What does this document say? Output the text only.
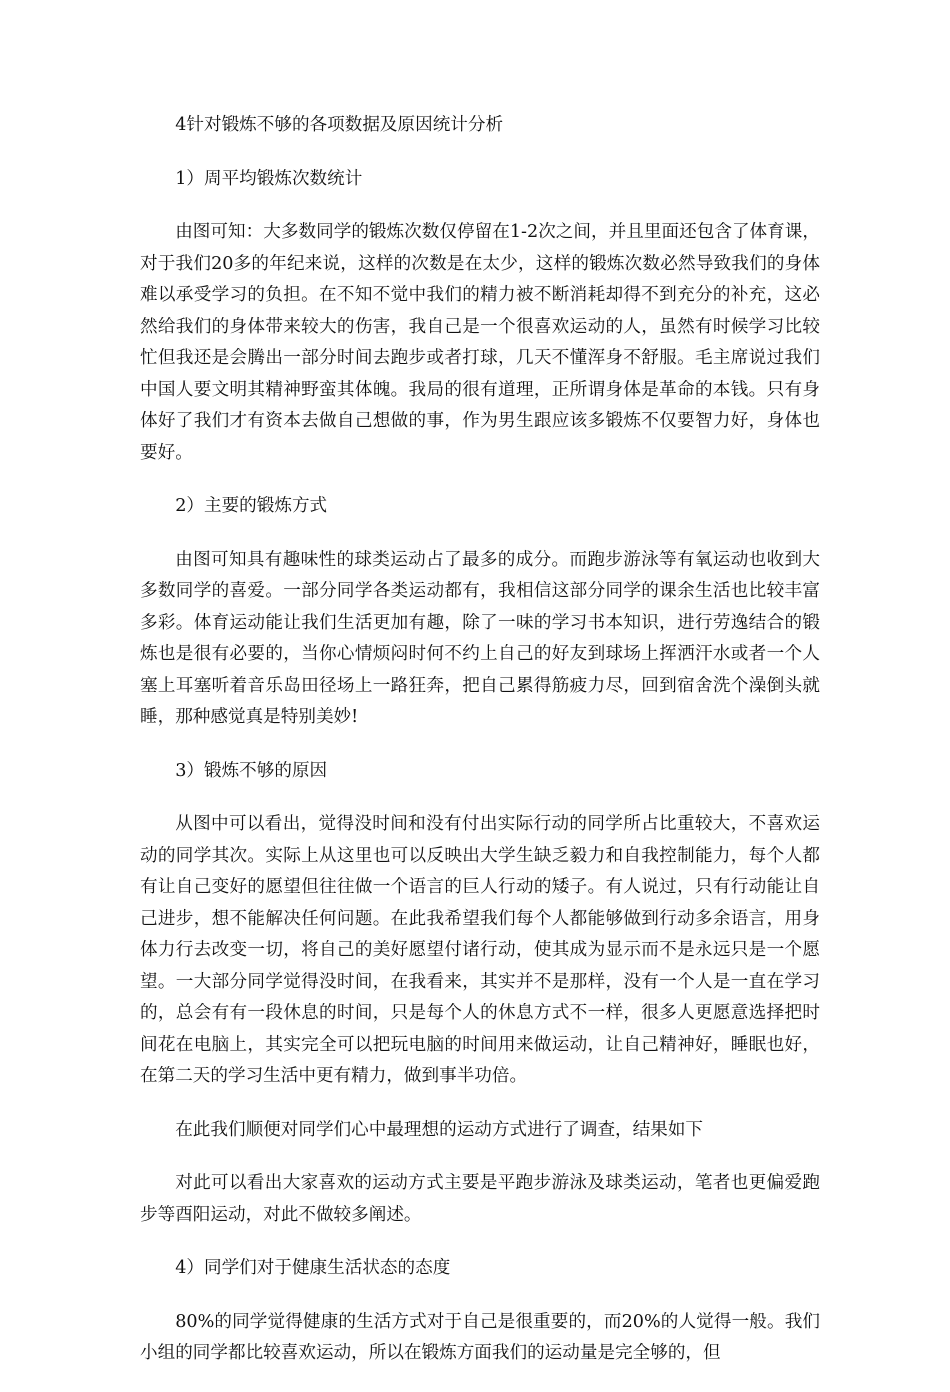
4针对锻炼不够的各项数据及原因统计分析

1）周平均锻炼次数统计

由图可知：大多数同学的锻炼次数仅停留在1-2次之间，并且里面还包含了体育课，对于我们20多的年纪来说，这样的次数是在太少，这样的锻炼次数必然导致我们的身体难以承受学习的负担。在不知不觉中我们的精力被不断消耗却得不到充分的补充，这必然给我们的身体带来较大的伤害，我自己是一个很喜欢运动的人，虽然有时候学习比较忙但我还是会腾出一部分时间去跑步或者打球，几天不懂浑身不舒服。毛主席说过我们中国人要文明其精神野蛮其体魄。我局的很有道理，正所谓身体是革命的本钱。只有身体好了我们才有资本去做自己想做的事，作为男生跟应该多锻炼不仅要智力好，身体也要好。

2）主要的锻炼方式

由图可知具有趣味性的球类运动占了最多的成分。而跑步游泳等有氧运动也收到大多数同学的喜爱。一部分同学各类运动都有，我相信这部分同学的课余生活也比较丰富多彩。体育运动能让我们生活更加有趣，除了一味的学习书本知识，进行劳逸结合的锻炼也是很有必要的，当你心情烦闷时何不约上自己的好友到球场上挥洒汗水或者一个人塞上耳塞听着音乐岛田径场上一路狂奔，把自己累得筋疲力尽，回到宿舍洗个澡倒头就睡，那种感觉真是特别美妙!

3）锻炼不够的原因

从图中可以看出，觉得没时间和没有付出实际行动的同学所占比重较大，不喜欢运动的同学其次。实际上从这里也可以反映出大学生缺乏毅力和自我控制能力，每个人都有让自己变好的愿望但往往做一个语言的巨人行动的矮子。有人说过，只有行动能让自己进步，想不能解决任何问题。在此我希望我们每个人都能够做到行动多余语言，用身体力行去改变一切，将自己的美好愿望付诸行动，使其成为显示而不是永远只是一个愿望。一大部分同学觉得没时间，在我看来，其实并不是那样，没有一个人是一直在学习的，总会有有一段休息的时间，只是每个人的休息方式不一样，很多人更愿意选择把时间花在电脑上，其实完全可以把玩电脑的时间用来做运动，让自己精神好，睡眠也好，在第二天的学习生活中更有精力，做到事半功倍。

在此我们顺便对同学们心中最理想的运动方式进行了调查，结果如下

对此可以看出大家喜欢的运动方式主要是平跑步游泳及球类运动，笔者也更偏爱跑步等酉阳运动，对此不做较多阐述。

4）同学们对于健康生活状态的态度

80%的同学觉得健康的生活方式对于自己是很重要的，而20%的人觉得一般。我们小组的同学都比较喜欢运动，所以在锻炼方面我们的运动量是完全够的，但
